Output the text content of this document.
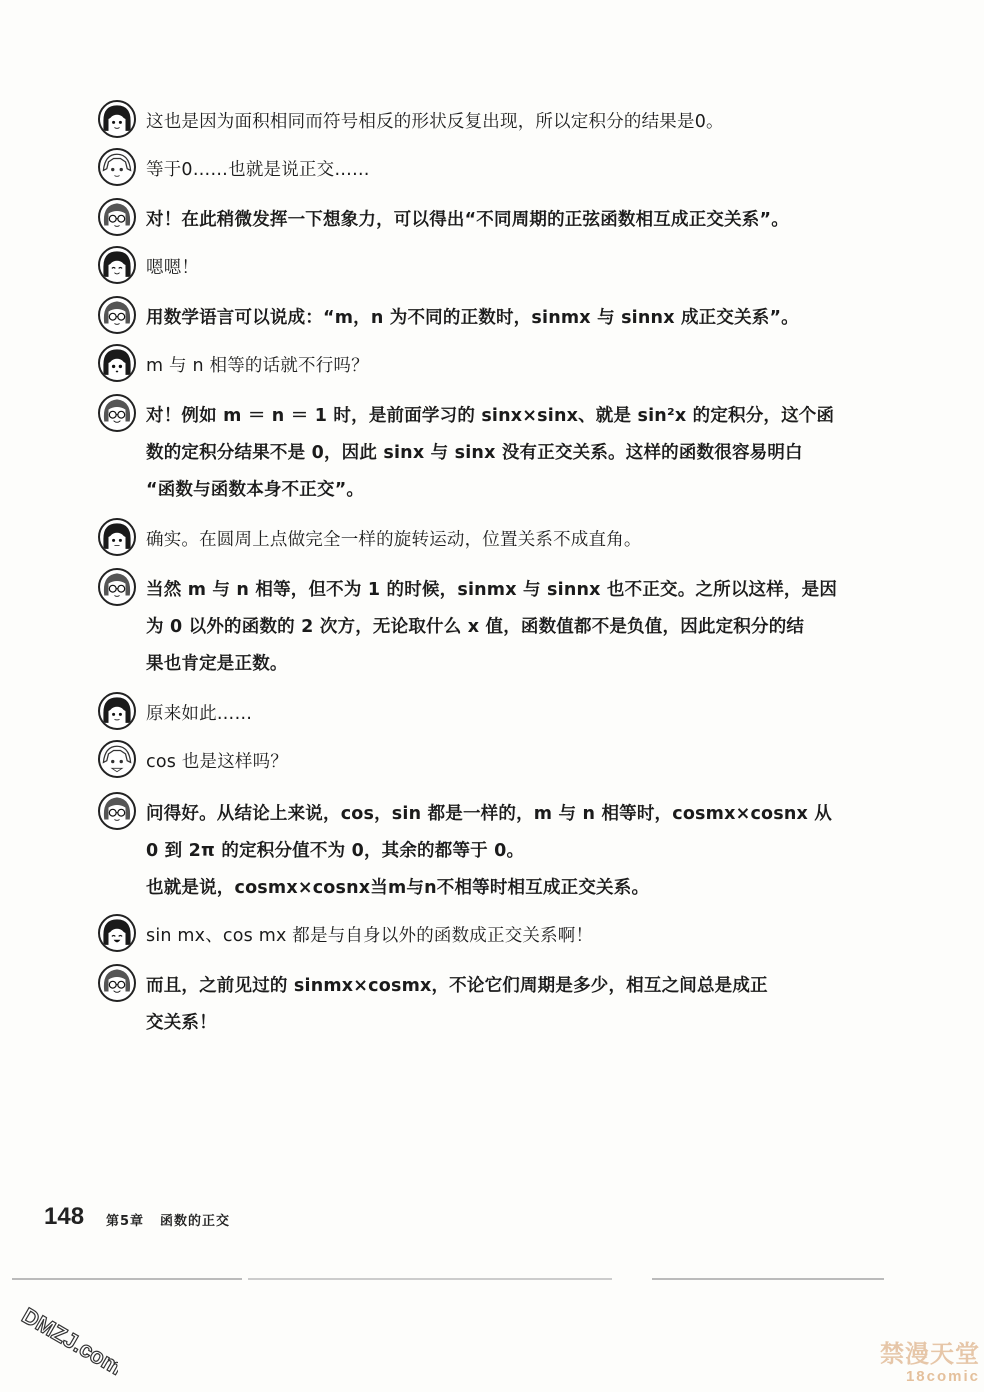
这也是因为面积相同而符号相反的形状反复出现，所以定积分的结果是0。

等于0……也就是说正交……

对！在此稍微发挥一下想象力，可以得出“不同周期的正弦函数相互成正交关系”。

嗯嗯！

用数学语言可以说成：“m，n 为不同的正数时，sinmx 与 sinnx 成正交关系”。

m 与 n 相等的话就不行吗？

对！例如 m ＝ n ＝ 1 时，是前面学习的 sinx×sinx、就是 sin²x 的定积分，这个函

数的定积分结果不是 0，因此 sinx 与 sinx 没有正交关系。这样的函数很容易明白

“函数与函数本身不正交”。

确实。在圆周上点做完全一样的旋转运动，位置关系不成直角。

当然 m 与 n 相等，但不为 1 的时候，sinmx 与 sinnx 也不正交。之所以这样，是因

为 0 以外的函数的 2 次方，无论取什么 x 值，函数值都不是负值，因此定积分的结

果也肯定是正数。

原来如此……

cos 也是这样吗？

问得好。从结论上来说，cos，sin 都是一样的，m 与 n 相等时，cosmx×cosnx 从

0 到 2π 的定积分值不为 0，其余的都等于 0。

也就是说，cosmx×cosnx当m与n不相等时相互成正交关系。

sin mx、cos mx 都是与自身以外的函数成正交关系啊！

而且，之前见过的 sinmx×cosmx，不论它们周期是多少，相互之间总是成正

交关系！

148 第5章 函数的正交
DMZJ.com	禁漫天堂
18comic
